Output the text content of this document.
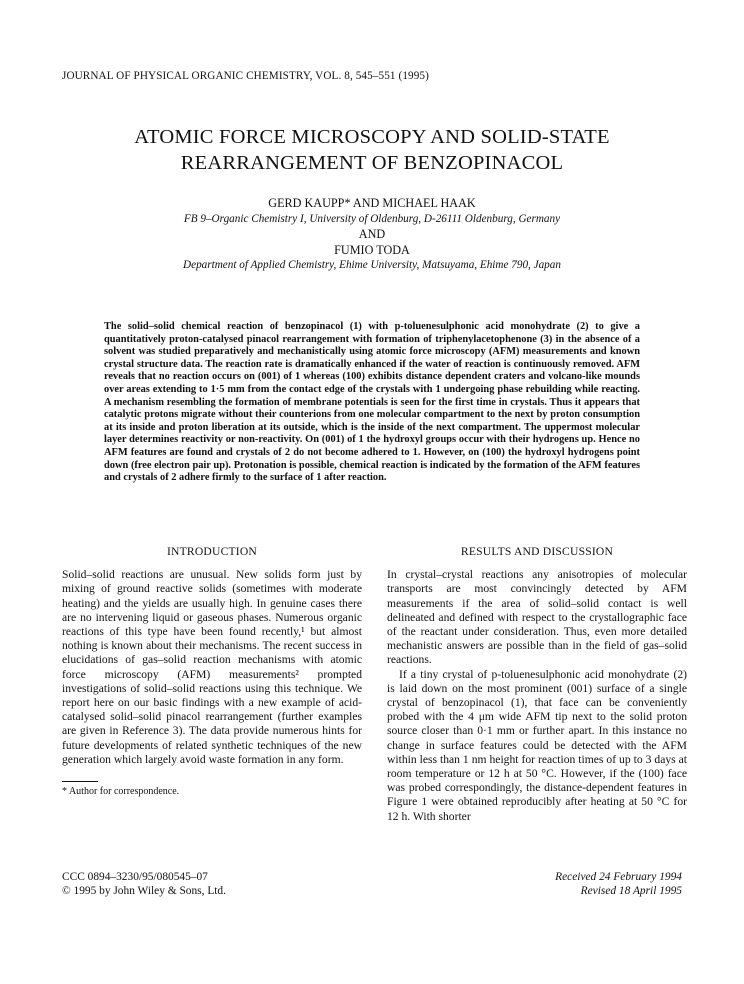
JOURNAL OF PHYSICAL ORGANIC CHEMISTRY, VOL. 8, 545–551 (1995)
ATOMIC FORCE MICROSCOPY AND SOLID-STATE
REARRANGEMENT OF BENZOPINACOL
GERD KAUPP* AND MICHAEL HAAK
FB 9–Organic Chemistry I, University of Oldenburg, D-26111 Oldenburg, Germany
AND
FUMIO TODA
Department of Applied Chemistry, Ehime University, Matsuyama, Ehime 790, Japan
The solid–solid chemical reaction of benzopinacol (1) with p-toluenesulphonic acid monohydrate (2) to give a quantitatively proton-catalysed pinacol rearrangement with formation of triphenylacetophenone (3) in the absence of a solvent was studied preparatively and mechanistically using atomic force microscopy (AFM) measurements and known crystal structure data. The reaction rate is dramatically enhanced if the water of reaction is continuously removed. AFM reveals that no reaction occurs on (001) of 1 whereas (100) exhibits distance dependent craters and volcano-like mounds over areas extending to 1·5 mm from the contact edge of the crystals with 1 undergoing phase rebuilding while reacting. A mechanism resembling the formation of membrane potentials is seen for the first time in crystals. Thus it appears that catalytic protons migrate without their counterions from one molecular compartment to the next by proton consumption at its inside and proton liberation at its outside, which is the inside of the next compartment. The uppermost molecular layer determines reactivity or non-reactivity. On (001) of 1 the hydroxyl groups occur with their hydrogens up. Hence no AFM features are found and crystals of 2 do not become adhered to 1. However, on (100) the hydroxyl hydrogens point down (free electron pair up). Protonation is possible, chemical reaction is indicated by the formation of the AFM features and crystals of 2 adhere firmly to the surface of 1 after reaction.
INTRODUCTION

Solid–solid reactions are unusual. New solids form just by mixing of ground reactive solids (sometimes with moderate heating) and the yields are usually high. In genuine cases there are no intervening liquid or gaseous phases. Numerous organic reactions of this type have been found recently,¹ but almost nothing is known about their mechanisms. The recent success in elucidations of gas–solid reaction mechanisms with atomic force microscopy (AFM) measurements² prompted investigations of solid–solid reactions using this technique. We report here on our basic findings with a new example of acid-catalysed solid–solid pinacol rearrangement (further examples are given in Reference 3). The data provide numerous hints for future developments of related synthetic techniques of the new generation which largely avoid waste formation in any form.

* Author for correspondence.
RESULTS AND DISCUSSION

In crystal–crystal reactions any anisotropies of molecular transports are most convincingly detected by AFM measurements if the area of solid–solid contact is well delineated and defined with respect to the crystallographic face of the reactant under consideration. Thus, even more detailed mechanistic answers are possible than in the field of gas–solid reactions.

If a tiny crystal of p-toluenesulphonic acid monohydrate (2) is laid down on the most prominent (001) surface of a single crystal of benzopinacol (1), that face can be conveniently probed with the 4 μm wide AFM tip next to the solid proton source closer than 0·1 mm or further apart. In this instance no change in surface features could be detected with the AFM within less than 1 nm height for reaction times of up to 3 days at room temperature or 12 h at 50 °C. However, if the (100) face was probed correspondingly, the distance-dependent features in Figure 1 were obtained reproducibly after heating at 50 °C for 12 h. With shorter

CCC 0894–3230/95/080545–07
© 1995 by John Wiley & Sons, Ltd.
Received 24 February 1994
Revised 18 April 1995
